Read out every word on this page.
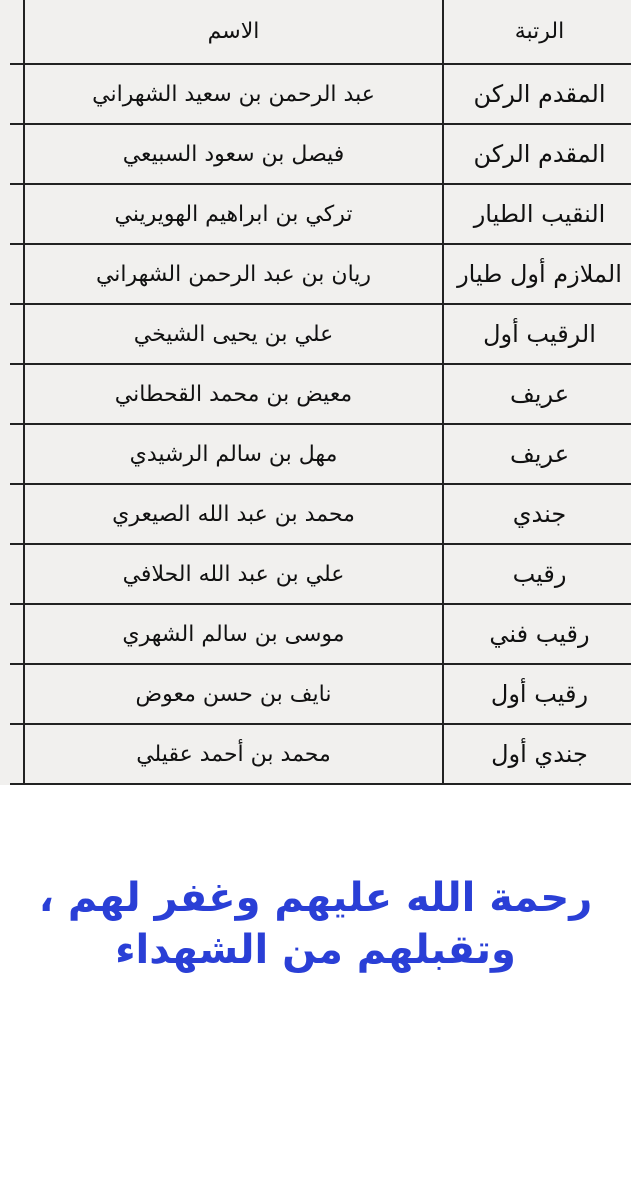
الرتبة	الاسم	
المقدم الركن	عبد الرحمن بن سعيد الشهراني	
المقدم الركن	فيصل بن سعود السبيعي	
النقيب الطيار	تركي بن ابراهيم الهويريني	
الملازم أول طيار	ريان بن عبد الرحمن الشهراني	
الرقيب أول	علي بن يحيى الشيخي	
عريف	معيض بن محمد القحطاني	
عريف	مهل بن سالم الرشيدي	
جندي	محمد بن عبد الله الصيعري	
رقيب	علي بن عبد الله الحلافي	
رقيب فني	موسى بن سالم الشهري	
رقيب أول	نايف بن حسن معوض	
جندي أول	محمد بن أحمد عقيلي	

رحمة الله عليهم وغفر لهم ،

وتقبلهم من الشهداء
